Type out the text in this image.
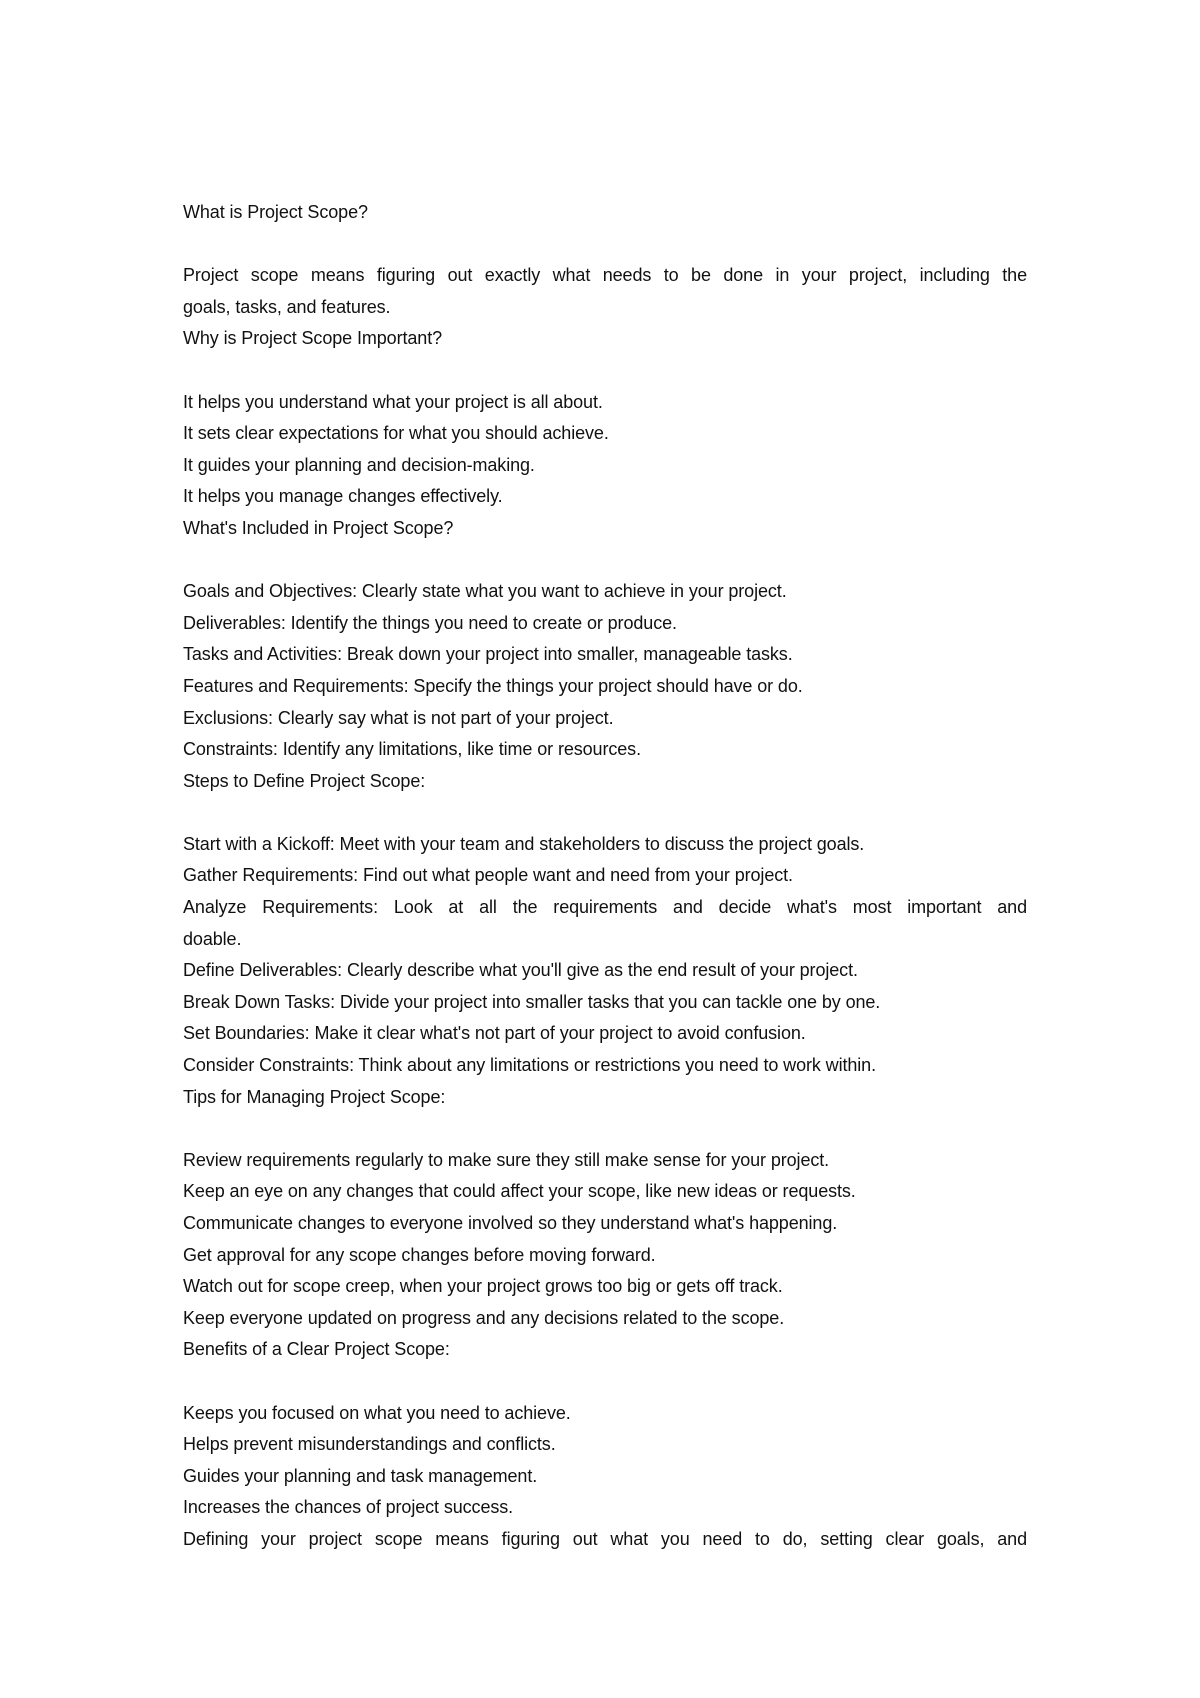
What is Project Scope?
Project scope means figuring out exactly what needs to be done in your project, including the
goals, tasks, and features.
Why is Project Scope Important?
It helps you understand what your project is all about.
It sets clear expectations for what you should achieve.
It guides your planning and decision-making.
It helps you manage changes effectively.
What's Included in Project Scope?
Goals and Objectives: Clearly state what you want to achieve in your project.
Deliverables: Identify the things you need to create or produce.
Tasks and Activities: Break down your project into smaller, manageable tasks.
Features and Requirements: Specify the things your project should have or do.
Exclusions: Clearly say what is not part of your project.
Constraints: Identify any limitations, like time or resources.
Steps to Define Project Scope:
Start with a Kickoff: Meet with your team and stakeholders to discuss the project goals.
Gather Requirements: Find out what people want and need from your project.
Analyze Requirements: Look at all the requirements and decide what's most important and
doable.
Define Deliverables: Clearly describe what you'll give as the end result of your project.
Break Down Tasks: Divide your project into smaller tasks that you can tackle one by one.
Set Boundaries: Make it clear what's not part of your project to avoid confusion.
Consider Constraints: Think about any limitations or restrictions you need to work within.
Tips for Managing Project Scope:
Review requirements regularly to make sure they still make sense for your project.
Keep an eye on any changes that could affect your scope, like new ideas or requests.
Communicate changes to everyone involved so they understand what's happening.
Get approval for any scope changes before moving forward.
Watch out for scope creep, when your project grows too big or gets off track.
Keep everyone updated on progress and any decisions related to the scope.
Benefits of a Clear Project Scope:
Keeps you focused on what you need to achieve.
Helps prevent misunderstandings and conflicts.
Guides your planning and task management.
Increases the chances of project success.
Defining your project scope means figuring out what you need to do, setting clear goals, and
